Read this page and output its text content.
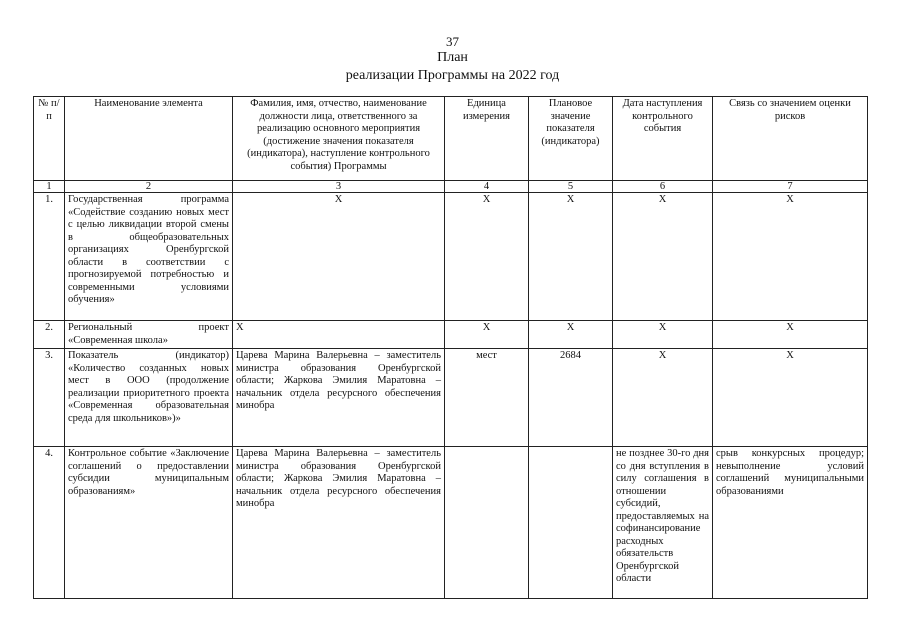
37
План
реализации Программы на 2022 год
№ п/п	Наименование элемента	Фамилия, имя, отчество, наименование должности лица, ответственного за реализацию основного мероприятия (достижение значения показателя (индикатора), наступление контрольного события) Программы	Единица измерения	Плановое значение показателя (индикатора)	Дата наступления контрольного события	Связь со значением оценки рисков
1	2	3	4	5	6	7
1.	Государственная программа «Содействие созданию новых мест с целью ликвидации второй смены в общеобразовательных организациях Оренбургской области в соответствии с прогнозируемой потребностью и современными условиями обучения»	X	X	X	X	X
2.	Региональный проект «Современная школа»	X	X	X	X	X
3.	Показатель (индикатор) «Количество созданных новых мест в ООО (продолжение реализации приоритетного проекта «Современная образовательная среда для школьников»)»	Царева Марина Валерьевна – заместитель министра образования Оренбургской области; Жаркова Эмилия Маратовна – начальник отдела ресурсного обеспечения минобра	мест	2684	X	X
4.	Контрольное событие «Заключение соглашений о предоставлении субсидии муниципальным образованиям»	Царева Марина Валерьевна – заместитель министра образования Оренбургской области; Жаркова Эмилия Маратовна – начальник отдела ресурсного обеспечения минобра			не позднее 30-го дня со дня вступления в силу соглашения в отношении субсидий, предоставляемых на софинансирование расходных обязательств Оренбургской области	срыв конкурсных процедур; невыполнение условий соглашений муниципальными образованиями
